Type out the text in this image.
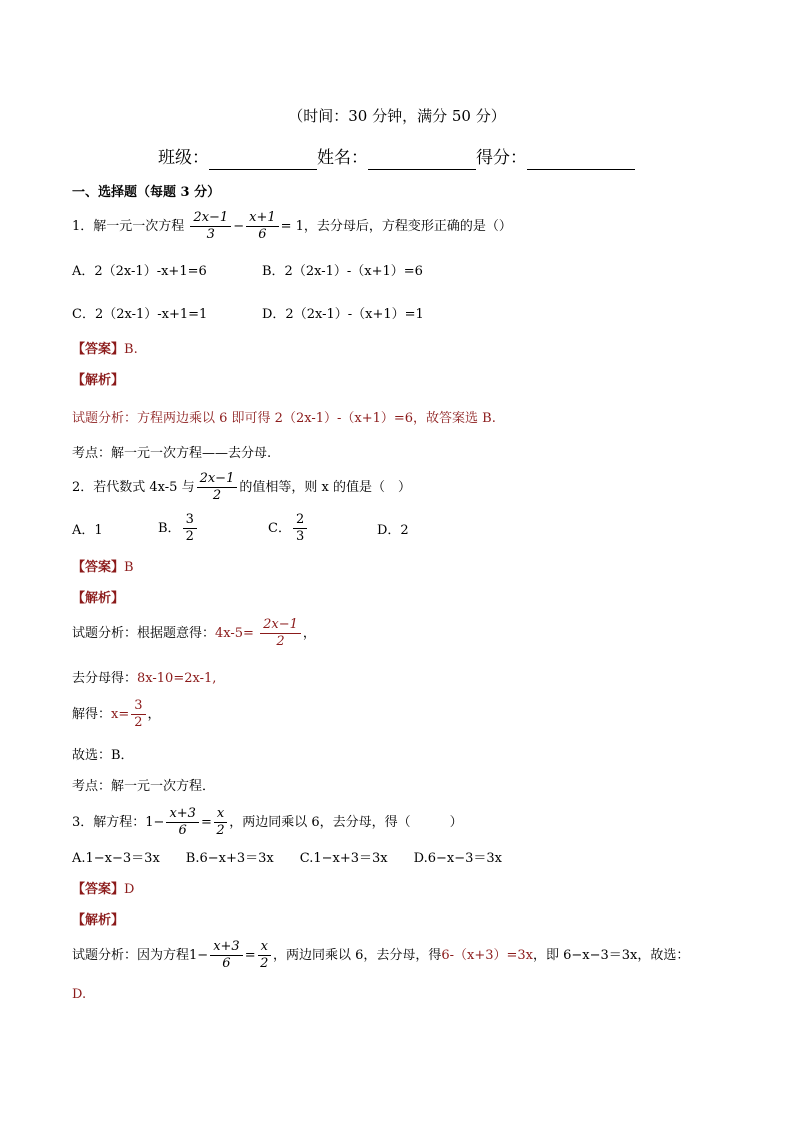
（时间：30 分钟，满分 50 分）
班级：	姓名：	得分：
一、选择题（每题 3 分）
1．解一元一次方程 $\frac{2x-1}{3} - \frac{x+1}{6} = 1$，去分母后，方程变形正确的是（）
A．2（2x-1）-x+1=6	B．2（2x-1）-（x+1）=6
C．2（2x-1）-x+1=1	D．2（2x-1）-（x+1）=1
【答案】B.
【解析】
试题分析：方程两边乘以 6 即可得 2（2x-1）-（x+1）=6，故答案选 B.
考点：解一元一次方程——去分母.
2．若代数式 4x-5 与 $\frac{2x-1}{2}$ 的值相等，则 x 的值是（　）
A．1	B． $\frac{3}{2}$	C． $\frac{2}{3}$	D．2
【答案】B
【解析】
试题分析：根据题意得：$4x-5= \frac{2x-1}{2}$ ，
去分母得：8x-10=2x-1,
解得：$x= \frac{3}{2}$ ，
故选：B．
考点：解一元一次方程．
3．解方程：$1- \frac{x+3}{6} = \frac{x}{2}$ ，两边同乘以 6，去分母，得（　　　）
A.1−x−3＝3x　　B.6−x+3＝3x　　C.1−x+3＝3x　　D.6−x−3＝3x
【答案】D
【解析】
试题分析：因为方程$1- \frac{x+3}{6} = \frac{x}{2}$ ，两边同乘以 6，去分母，得6-（x+3）=3x，即 6−x−3＝3x，故选：
D.
